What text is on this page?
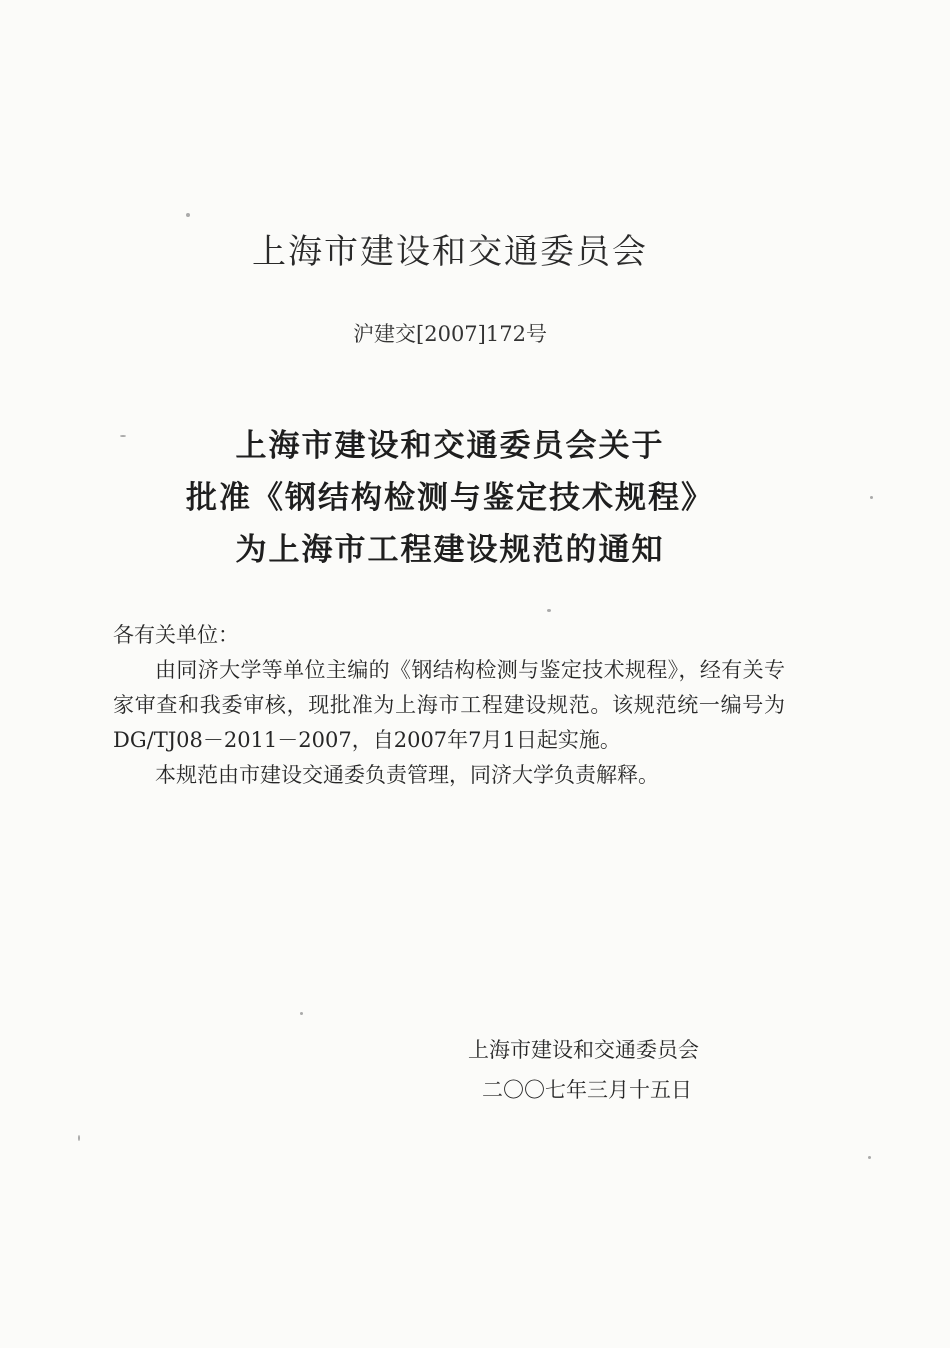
上海市建设和交通委员会
沪建交[2007]172号
上海市建设和交通委员会关于
批准《钢结构检测与鉴定技术规程》
为上海市工程建设规范的通知

各有关单位：

由同济大学等单位主编的《钢结构检测与鉴定技术规程》，经有关专家审查和我委审核，现批准为上海市工程建设规范。该规范统一编号为DG/TJ08－2011－2007，自2007年7月1日起实施。

本规范由市建设交通委负责管理，同济大学负责解释。

上海市建设和交通委员会
二〇〇七年三月十五日
